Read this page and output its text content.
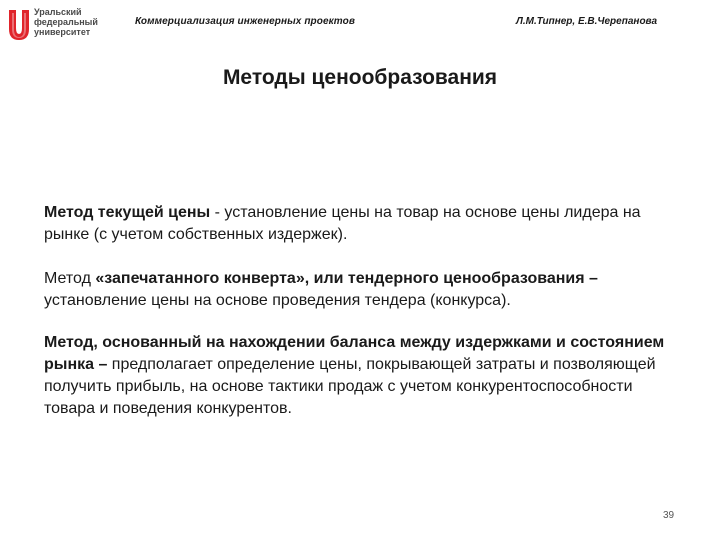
Уральский
федеральный
университет
Коммерциализация инженерных проектов	Л.М.Типнер, Е.В.Черепанова
Методы ценообразования

Метод текущей цены - установление цены на товар на основе цены лидера на рынке (с учетом собственных издержек).

Метод «запечатанного конверта», или тендерного ценообразования – установление цены на основе проведения тендера (конкурса).

Метод, основанный на нахождении баланса между издержками и состоянием рынка – предполагает определение цены, покрывающей затраты и позволяющей получить прибыль, на основе тактики продаж с учетом конкурентоспособности товара и поведения конкурентов.

39
